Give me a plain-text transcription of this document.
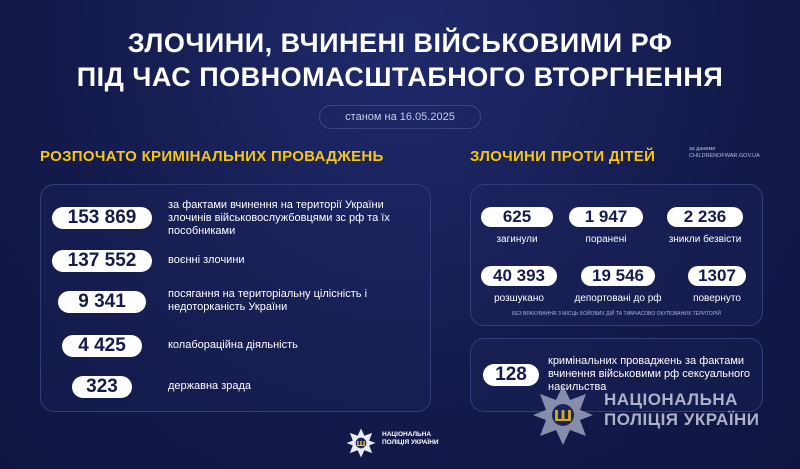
ЗЛОЧИНИ, ВЧИНЕНІ ВІЙСЬКОВИМИ РФ
ПІД ЧАС ПОВНОМАСШТАБНОГО ВТОРГНЕННЯ
станом на 16.05.2025
РОЗПОЧАТО КРИМІНАЛЬНИХ ПРОВАДЖЕНЬ	ЗЛОЧИНИ ПРОТИ ДІТЕЙ	за даними
CHILDRENOFWAR.GOV.UA
153 869
за фактами вчинення на території України злочинів військовослужбовцями зс рф та їх пособниками
137 552	воєнні злочини
9 341	посягання на територіальну цілісність і недоторканість України
4 425	колабораційна діяльність
323	державна зрада
625
загинули
1 947
поранені
2 236
зникли безвісти
40 393
розшукано
19 546
депортовані до рф
1307
повернуто
БЕЗ ВРАХУВАННЯ З МІСЦЬ БОЙОВИХ ДІЙ ТА ТИМЧАСОВО ОКУПОВАНИХ ТЕРИТОРІЙ
128
кримінальних проваджень за фактами вчинення військовими рф сексуального насильства
Ш
НАЦІОНАЛЬНА
ПОЛІЦІЯ УКРАЇНИ
Ш
НАЦІОНАЛЬНА
ПОЛІЦІЯ УКРАЇНИ
